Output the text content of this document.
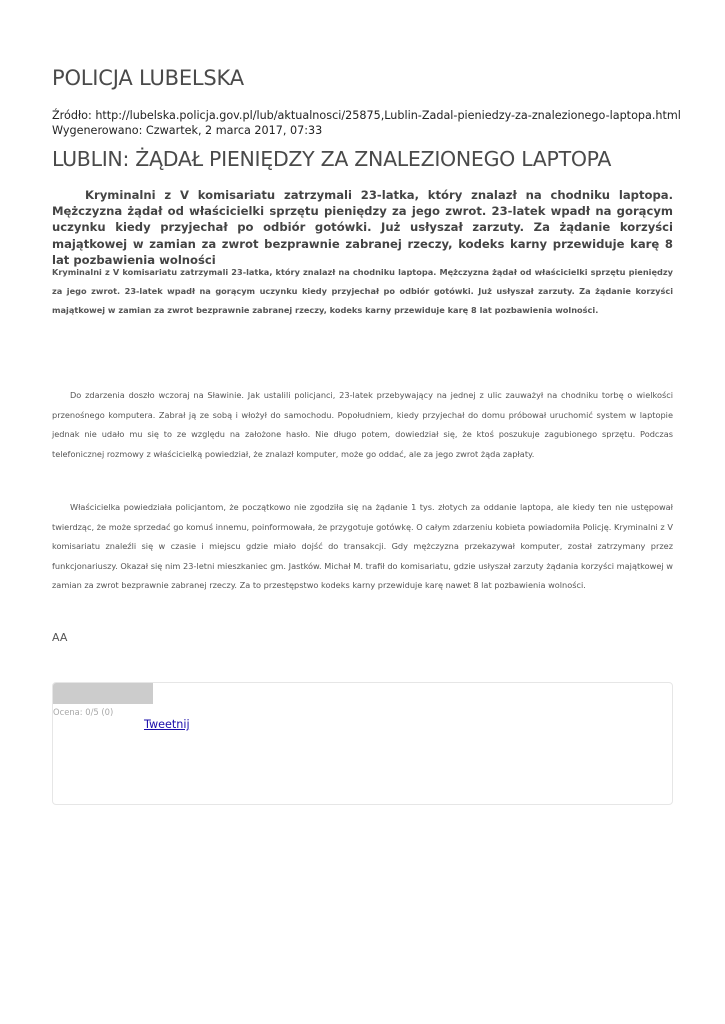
POLICJA LUBELSKA
Źródło: http://lubelska.policja.gov.pl/lub/aktualnosci/25875,Lublin-Zadal-pieniedzy-za-znalezionego-laptopa.html
Wygenerowano: Czwartek, 2 marca 2017, 07:33
LUBLIN: ŻĄDAŁ PIENIĘDZY ZA ZNALEZIONEGO LAPTOPA

Kryminalni z V komisariatu zatrzymali 23-latka, który znalazł na chodniku laptopa. Mężczyzna żądał od właścicielki sprzętu pieniędzy za jego zwrot. 23-latek wpadł na gorącym uczynku kiedy przyjechał po odbiór gotówki. Już usłyszał zarzuty. Za żądanie korzyści majątkowej w zamian za zwrot bezprawnie zabranej rzeczy, kodeks karny przewiduje karę 8 lat pozbawienia wolności

Kryminalni z V komisariatu zatrzymali 23-latka, który znalazł na chodniku laptopa. Mężczyzna żądał od właścicielki sprzętu pieniędzy za jego zwrot. 23-latek wpadł na gorącym uczynku kiedy przyjechał po odbiór gotówki. Już usłyszał zarzuty. Za żądanie korzyści majątkowej w zamian za zwrot bezprawnie zabranej rzeczy, kodeks karny przewiduje karę 8 lat pozbawienia wolności.

Do zdarzenia doszło wczoraj na Sławinie. Jak ustalili policjanci, 23-latek przebywający na jednej z ulic zauważył na chodniku torbę o wielkości przenośnego komputera. Zabrał ją ze sobą i włożył do samochodu. Popołudniem, kiedy przyjechał do domu próbował uruchomić system w laptopie jednak nie udało mu się to ze względu na założone hasło. Nie długo potem, dowiedział się, że ktoś poszukuje zagubionego sprzętu. Podczas telefonicznej rozmowy z właścicielką powiedział, że znalazł komputer, może go oddać, ale za jego zwrot żąda zapłaty.

Właścicielka powiedziała policjantom, że początkowo nie zgodziła się na żądanie 1 tys. złotych za oddanie laptopa, ale kiedy ten nie ustępował twierdząc, że może sprzedać go komuś innemu, poinformowała, że przygotuje gotówkę. O całym zdarzeniu kobieta powiadomiła Policję. Kryminalni z V komisariatu znaleźli się w czasie i miejscu gdzie miało dojść do transakcji. Gdy mężczyzna przekazywał komputer, został zatrzymany przez funkcjonariuszy. Okazał się nim 23-letni mieszkaniec gm. Jastków. Michał M. trafił do komisariatu, gdzie usłyszał zarzuty żądania korzyści majątkowej w zamian za zwrot bezprawnie zabranej rzeczy. Za to przestępstwo kodeks karny przewiduje karę nawet 8 lat pozbawienia wolności.

AA
Ocena: 0/5 (0)
Tweetnij
